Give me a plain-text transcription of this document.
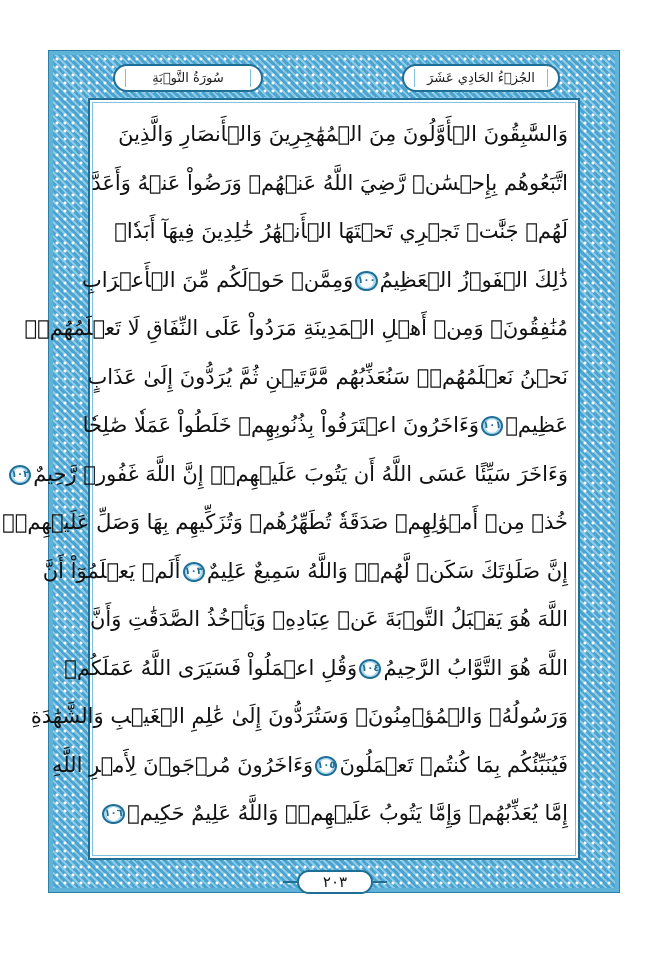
سُورَةُ التَّوۡبَةِ	الجُزۡءُ الحَادِي عَشَرَ
وَالسَّٰبِقُونَ الۡأَوَّلُونَ مِنَ الۡمُهَٰجِرِينَ وَالۡأَنصَارِ وَالَّذِينَ
اتَّبَعُوهُم بِإِحۡسَٰنٖ رَّضِيَ اللَّهُ عَنۡهُمۡ وَرَضُواْ عَنۡهُ وَأَعَدَّ
لَهُمۡ جَنَّٰتٖ تَجۡرِي تَحۡتَهَا الۡأَنۡهَٰرُ خَٰلِدِينَ فِيهَآ أَبَدٗاۚ
ذَٰلِكَ الۡفَوۡزُ الۡعَظِيمُ
١٠٠
وَمِمَّنۡ حَوۡلَكُم مِّنَ الۡأَعۡرَابِ
مُنَٰفِقُونَۖ وَمِنۡ أَهۡلِ الۡمَدِينَةِ مَرَدُواْ عَلَى النِّفَاقِ لَا تَعۡلَمُهُمۡۖ
نَحۡنُ نَعۡلَمُهُمۡۚ سَنُعَذِّبُهُم مَّرَّتَيۡنِ ثُمَّ يُرَدُّونَ إِلَىٰ عَذَابٍ
عَظِيمٖ
١٠١
وَءَاخَرُونَ اعۡتَرَفُواْ بِذُنُوبِهِمۡ خَلَطُواْ عَمَلٗا صَٰلِحٗا
وَءَاخَرَ سَيِّئًا عَسَى اللَّهُ أَن يَتُوبَ عَلَيۡهِمۡۚ إِنَّ اللَّهَ غَفُورٞ رَّحِيمٌ
١٠٢
خُذۡ مِنۡ أَمۡوَٰلِهِمۡ صَدَقَةٗ تُطَهِّرُهُمۡ وَتُزَكِّيهِم بِهَا وَصَلِّ عَلَيۡهِمۡۖ
إِنَّ صَلَوٰتَكَ سَكَنٞ لَّهُمۡۗ وَاللَّهُ سَمِيعٌ عَلِيمٌ
١٠٣
أَلَمۡ يَعۡلَمُوٓاْ أَنَّ
اللَّهَ هُوَ يَقۡبَلُ التَّوۡبَةَ عَنۡ عِبَادِهِۦ وَيَأۡخُذُ الصَّدَقَٰتِ وَأَنَّ
اللَّهَ هُوَ التَّوَّابُ الرَّحِيمُ
١٠٤
وَقُلِ اعۡمَلُواْ فَسَيَرَى اللَّهُ عَمَلَكُمۡ
وَرَسُولُهُۥ وَالۡمُؤۡمِنُونَۖ وَسَتُرَدُّونَ إِلَىٰ عَٰلِمِ الۡغَيۡبِ وَالشَّهَٰدَةِ
فَيُنَبِّئُكُم بِمَا كُنتُمۡ تَعۡمَلُونَ
١٠٥
وَءَاخَرُونَ مُرۡجَوۡنَ لِأَمۡرِ اللَّهِ
إِمَّا يُعَذِّبُهُمۡ وَإِمَّا يَتُوبُ عَلَيۡهِمۡۗ وَاللَّهُ عَلِيمٌ حَكِيمٞ
١٠٦
٢٠٣
